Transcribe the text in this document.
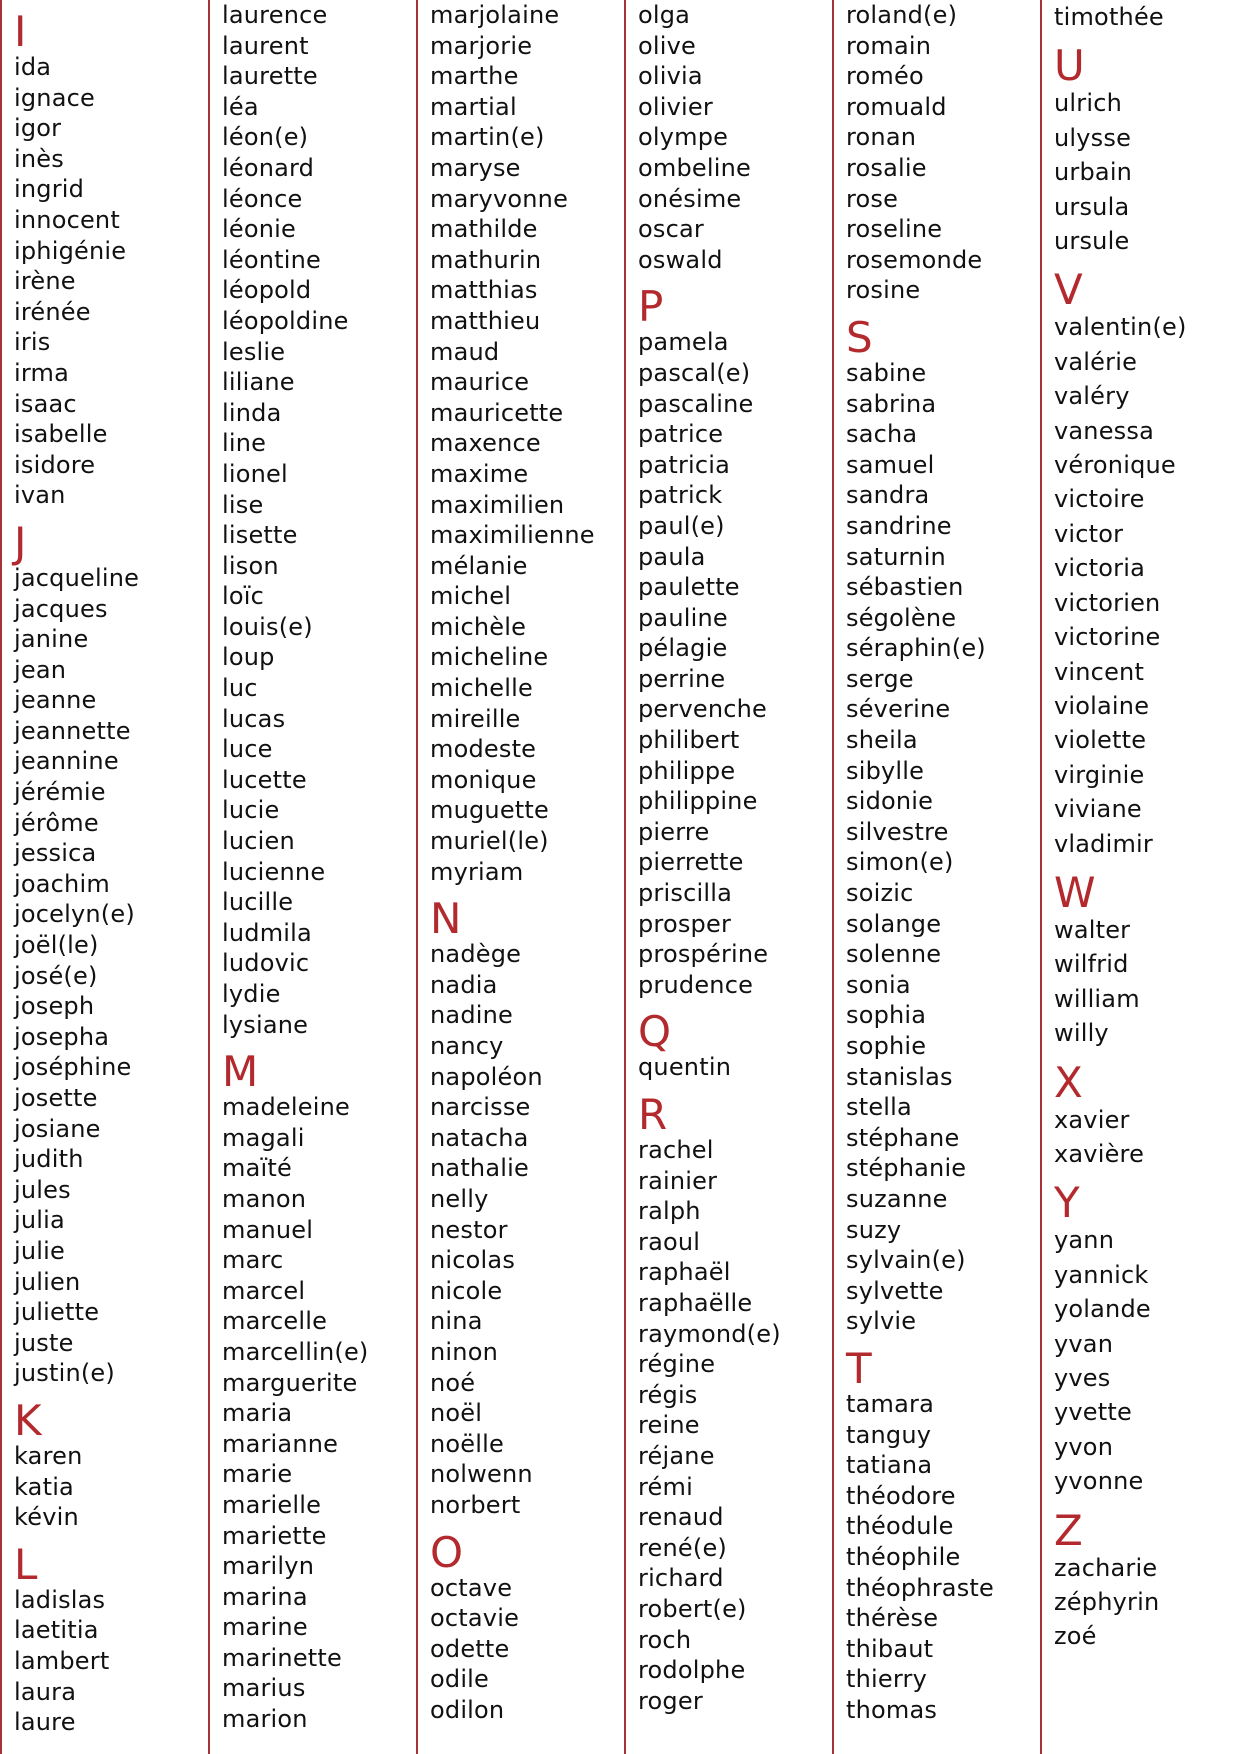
I
ida
ignace
igor
inès
ingrid
innocent
iphigénie
irène
irénée
iris
irma
isaac
isabelle
isidore
ivan
J
jacqueline
jacques
janine
jean
jeanne
jeannette
jeannine
jérémie
jérôme
jessica
joachim
jocelyn(e)
joël(le)
josé(e)
joseph
josepha
joséphine
josette
josiane
judith
jules
julia
julie
julien
juliette
juste
justin(e)
K
karen
katia
kévin
L
ladislas
laetitia
lambert
laura
laure
laurence
laurent
laurette
léa
léon(e)
léonard
léonce
léonie
léontine
léopold
léopoldine
leslie
liliane
linda
line
lionel
lise
lisette
lison
loïc
louis(e)
loup
luc
lucas
luce
lucette
lucie
lucien
lucienne
lucille
ludmila
ludovic
lydie
lysiane
M
madeleine
magali
maïté
manon
manuel
marc
marcel
marcelle
marcellin(e)
marguerite
maria
marianne
marie
marielle
mariette
marilyn
marina
marine
marinette
marius
marion
marjolaine
marjorie
marthe
martial
martin(e)
maryse
maryvonne
mathilde
mathurin
matthias
matthieu
maud
maurice
mauricette
maxence
maxime
maximilien
maximilienne
mélanie
michel
michèle
micheline
michelle
mireille
modeste
monique
muguette
muriel(le)
myriam
N
nadège
nadia
nadine
nancy
napoléon
narcisse
natacha
nathalie
nelly
nestor
nicolas
nicole
nina
ninon
noé
noël
noëlle
nolwenn
norbert
O
octave
octavie
odette
odile
odilon
olga
olive
olivia
olivier
olympe
ombeline
onésime
oscar
oswald
P
pamela
pascal(e)
pascaline
patrice
patricia
patrick
paul(e)
paula
paulette
pauline
pélagie
perrine
pervenche
philibert
philippe
philippine
pierre
pierrette
priscilla
prosper
prospérine
prudence
Q
quentin
R
rachel
rainier
ralph
raoul
raphaël
raphaëlle
raymond(e)
régine
régis
reine
réjane
rémi
renaud
rené(e)
richard
robert(e)
roch
rodolphe
roger
roland(e)
romain
roméo
romuald
ronan
rosalie
rose
roseline
rosemonde
rosine
S
sabine
sabrina
sacha
samuel
sandra
sandrine
saturnin
sébastien
ségolène
séraphin(e)
serge
séverine
sheila
sibylle
sidonie
silvestre
simon(e)
soizic
solange
solenne
sonia
sophia
sophie
stanislas
stella
stéphane
stéphanie
suzanne
suzy
sylvain(e)
sylvette
sylvie
T
tamara
tanguy
tatiana
théodore
théodule
théophile
théophraste
thérèse
thibaut
thierry
thomas
timothée
U
ulrich
ulysse
urbain
ursula
ursule
V
valentin(e)
valérie
valéry
vanessa
véronique
victoire
victor
victoria
victorien
victorine
vincent
violaine
violette
virginie
viviane
vladimir
W
walter
wilfrid
william
willy
X
xavier
xavière
Y
yann
yannick
yolande
yvan
yves
yvette
yvon
yvonne
Z
zacharie
zéphyrin
zoé
